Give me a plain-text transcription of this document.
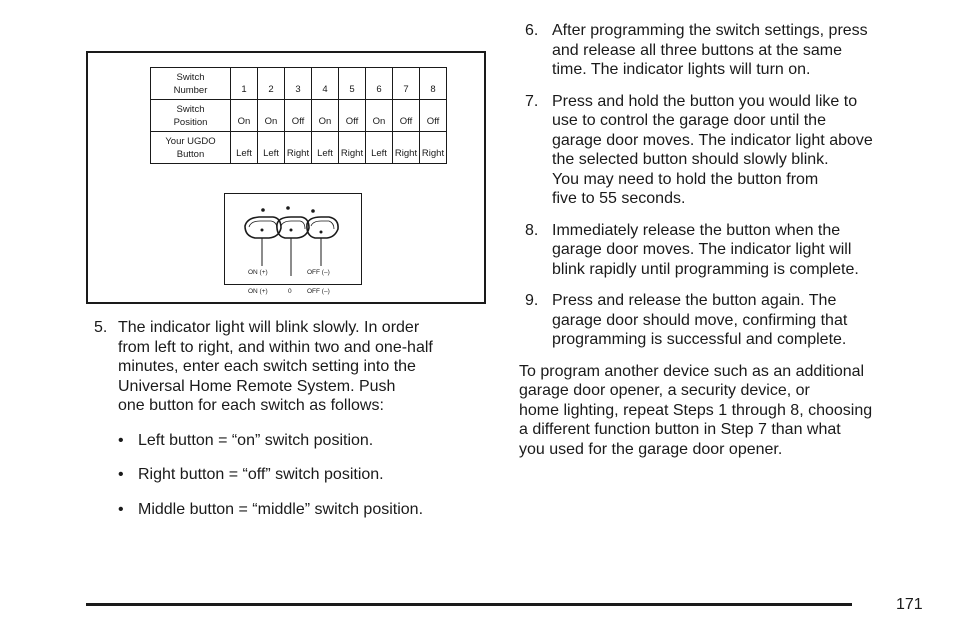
Switch
Number	1	2	3	4	5	6	7	8
Switch
Position	On	On	Off	On	Off	On	Off	Off
Your UGDO
Button	Left	Left	Right	Left	Right	Left	Right	Right
ON (+)	OFF (–)
ON (+)	0 OFF (–)
5. The indicator light will blink slowly. In order
from left to right, and within two and one-half
minutes, enter each switch setting into the
Universal Home Remote System. Push
one button for each switch as follows:
• Left button = “on” switch position.
• Right button = “off” switch position.
• Middle button = “middle” switch position.
6. After programming the switch settings, press
and release all three buttons at the same
time. The indicator lights will turn on.
7. Press and hold the button you would like to
use to control the garage door until the
garage door moves. The indicator light above
the selected button should slowly blink.
You may need to hold the button from
five to 55 seconds.
8. Immediately release the button when the
garage door moves. The indicator light will
blink rapidly until programming is complete.
9. Press and release the button again. The
garage door should move, confirming that
programming is successful and complete.
To program another device such as an additional
garage door opener, a security device, or
home lighting, repeat Steps 1 through 8, choosing
a different function button in Step 7 than what
you used for the garage door opener.
171
